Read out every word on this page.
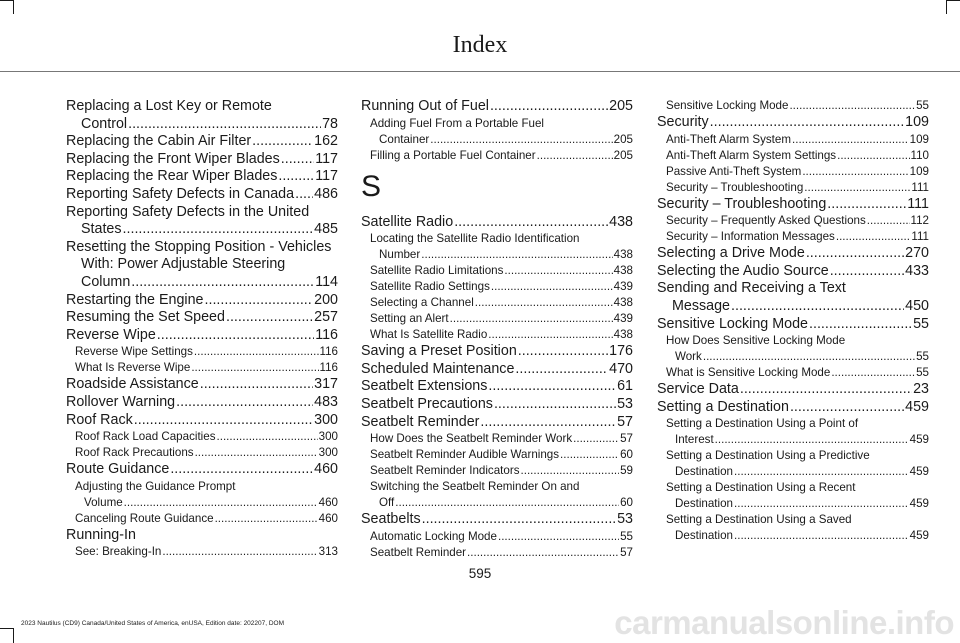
Index
Replacing a Lost Key or Remote
Control .....	78
Replacing the Cabin Air Filter .....	162
Replacing the Front Wiper Blades ..... 117
Replacing the Rear Wiper Blades .....	117
Reporting Safety Defects in Canada ..... 486
Reporting Safety Defects in the United
States .....	485
Resetting the Stopping Position - Vehicles
With: Power Adjustable Steering
Column .....	114
Restarting the Engine .....	200
Resuming the Set Speed .....	257
Reverse Wipe .....	116
Reverse Wipe Settings .....	116
What Is Reverse Wipe .....	116
Roadside Assistance .....	317
Rollover Warning .....	483
Roof Rack .....	300
Roof Rack Load Capacities .....	300
Roof Rack Precautions .....	300
Route Guidance .....	460
Adjusting the Guidance Prompt
Volume .....	460
Canceling Route Guidance .....	460
Running-In
See: Breaking-In .....	313
Running Out of Fuel .....	205
Adding Fuel From a Portable Fuel
Container .....	205
Filling a Portable Fuel Container .....	205
S
Satellite Radio .....	438
Locating the Satellite Radio Identification
Number .....	438
Satellite Radio Limitations .....	438
Satellite Radio Settings .....	439
Selecting a Channel .....	438
Setting an Alert .....	439
What Is Satellite Radio .....	438
Saving a Preset Position .....	176
Scheduled Maintenance .....	470
Seatbelt Extensions .....	61
Seatbelt Precautions .....	53
Seatbelt Reminder .....	57
How Does the Seatbelt Reminder Work .....	57
Seatbelt Reminder Audible Warnings .....	60
Seatbelt Reminder Indicators .....	59
Switching the Seatbelt Reminder On and
Off .....	60
Seatbelts .....	53
Automatic Locking Mode .....	55
Seatbelt Reminder .....	57
Sensitive Locking Mode .....	55
Security .....	109
Anti-Theft Alarm System .....	109
Anti-Theft Alarm System Settings .....	110
Passive Anti-Theft System .....	109
Security – Troubleshooting .....	111
Security – Troubleshooting .....	111
Security – Frequently Asked Questions .....	112
Security – Information Messages .....	111
Selecting a Drive Mode .....	270
Selecting the Audio Source .....	433
Sending and Receiving a Text
Message .....	450
Sensitive Locking Mode .....	55
How Does Sensitive Locking Mode
Work .....	55
What is Sensitive Locking Mode .....	55
Service Data .....	23
Setting a Destination .....	459
Setting a Destination Using a Point of
Interest .....	459
Setting a Destination Using a Predictive
Destination .....	459
Setting a Destination Using a Recent
Destination .....	459
Setting a Destination Using a Saved
Destination .....	459
595
2023 Nautilus (CD9) Canada/United States of America, enUSA, Edition date: 202207, DOM	carmanualsonline.info
